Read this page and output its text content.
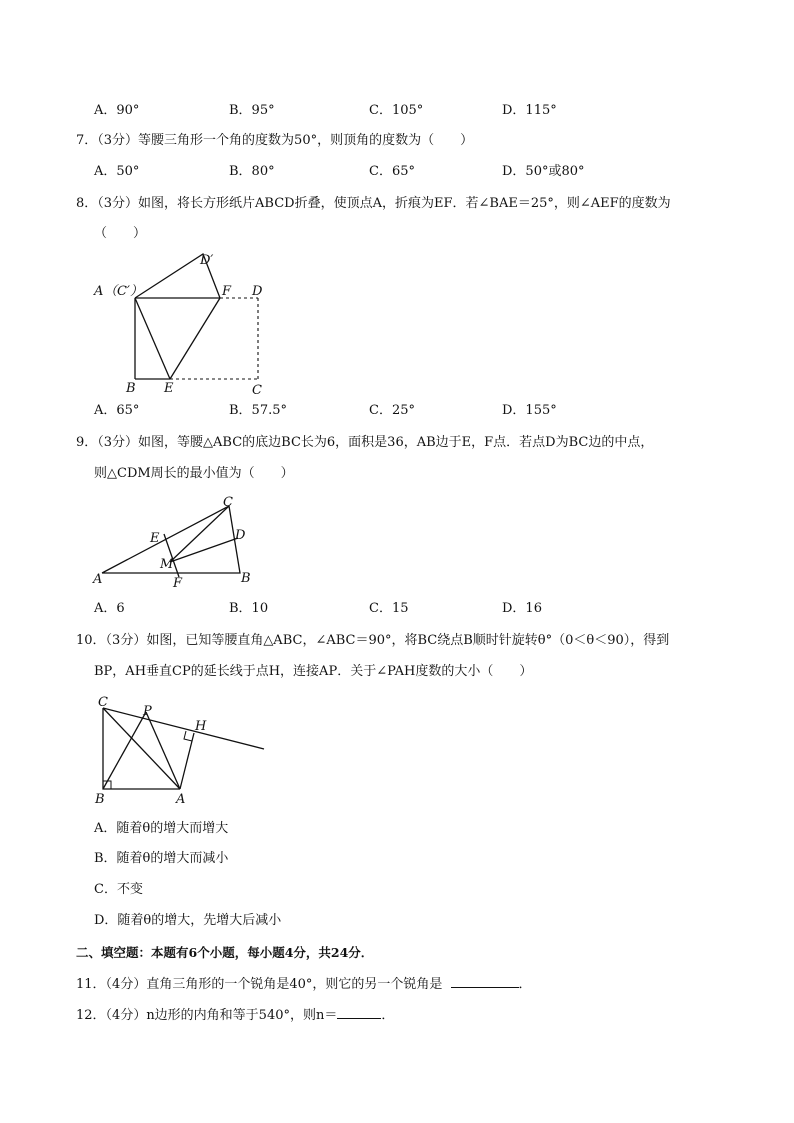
A．90°	B．95°	C．105°	D．115°
7．（3分）等腰三角形一个角的度数为50°，则顶角的度数为（　　）
A．50°	B．80°	C．65°	D．50°或80°
8．（3分）如图，将长方形纸片ABCD折叠，使顶点A，折痕为EF．若∠BAE＝25°，则∠AEF的度数为
（　　）
D′
A （C′）	F D
B E	C
A．65°	B．57.5°	C．25°	D．155°
9．（3分）如图，等腰△ABC的底边BC长为6，面积是36，AB边于E，F点．若点D为BC边的中点，
则△CDM周长的最小值为（　　）
C
E	D
M
A	F	B
A．6	B．10	C．15	D．16
10．（3分）如图，已知等腰直角△ABC，∠ABC＝90°，将BC绕点B顺时针旋转θ°（0＜θ＜90），得到
BP，AH垂直CP的延长线于点H，连接AP．关于∠PAH度数的大小（　　）
C
P
H
B	A
A．随着θ的增大而增大
B．随着θ的增大而减小
C．不变
D．随着θ的增大，先增大后减小
二、填空题：本题有6个小题，每小题4分，共24分．
11．（4分）直角三角形的一个锐角是40°，则它的另一个锐角是	．
12．（4分）n边形的内角和等于540°，则n＝	．
